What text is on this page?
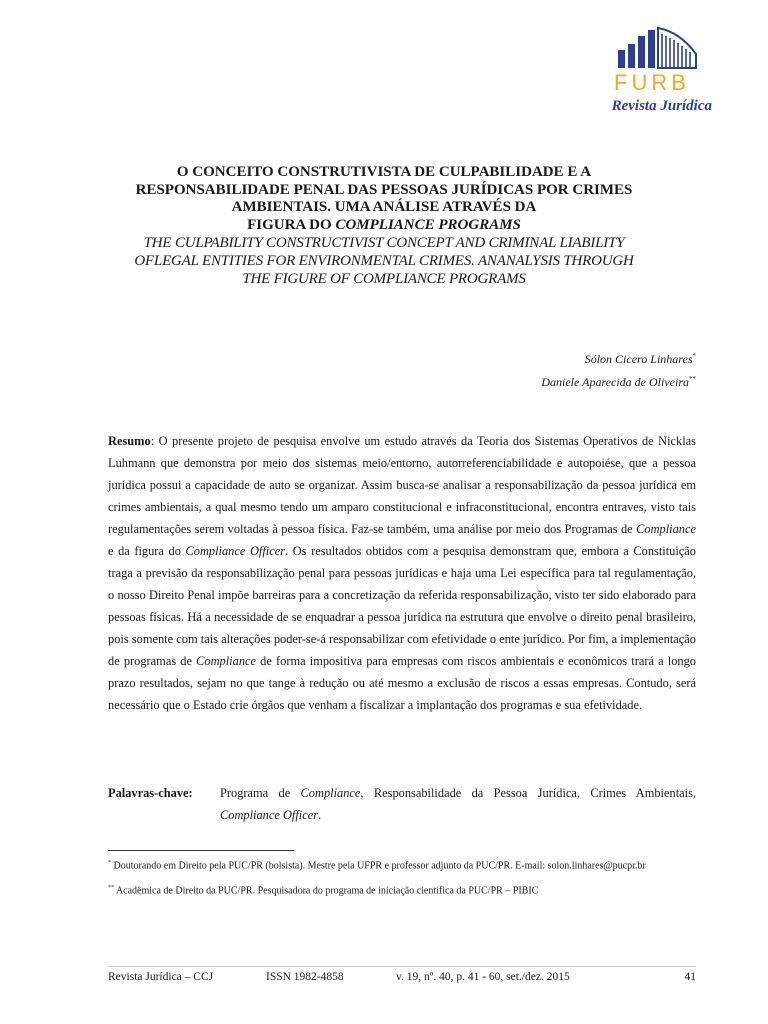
FURB
Revista Jurídica

O CONCEITO CONSTRUTIVISTA DE CULPABILIDADE E A

RESPONSABILIDADE PENAL DAS PESSOAS JURÍDICAS POR CRIMES

AMBIENTAIS. UMA ANÁLISE ATRAVÉS DA

FIGURA DO COMPLIANCE PROGRAMS

THE CULPABILITY CONSTRUCTIVIST CONCEPT AND CRIMINAL LIABILITY

OFLEGAL ENTITIES FOR ENVIRONMENTAL CRIMES. ANANALYSIS THROUGH

THE FIGURE OF COMPLIANCE PROGRAMS

Sólon Cicero Linhares*
Daniele Aparecida de Oliveira**

Resumo: O presente projeto de pesquisa envolve um estudo através da Teoria dos Sistemas Operativos de Nicklas Luhmann que demonstra por meio dos sistemas meio/entorno, autorreferenciabilidade e autopoiése, que a pessoa jurídica possui a capacidade de auto se organizar. Assim busca-se analisar a responsabilização da pessoa jurídica em crimes ambientais, a qual mesmo tendo um amparo constitucional e infraconstitucional, encontra entraves, visto tais regulamentações serem voltadas à pessoa física. Faz-se também, uma análise por meio dos Programas de Compliance e da figura do Compliance Officer. Os resultados obtidos com a pesquisa demonstram que, embora a Constituição traga a previsão da responsabilização penal para pessoas jurídicas e haja uma Lei específica para tal regulamentação, o nosso Direito Penal impõe barreiras para a concretização da referida responsabilização, visto ter sido elaborado para pessoas físicas. Há a necessidade de se enquadrar a pessoa jurídica na estrutura que envolve o direito penal brasileiro, pois somente com tais alterações poder-se-á responsabilizar com efetividade o ente jurídico. Por fim, a implementação de programas de Compliance de forma impositiva para empresas com riscos ambientais e econômicos trará a longo prazo resultados, sejam no que tange à redução ou até mesmo a exclusão de riscos a essas empresas. Contudo, será necessário que o Estado crie órgãos que venham a fiscalizar a implantação dos programas e sua efetividade.

Palavras-chave: Programa de Compliance, Responsabilidade da Pessoa Jurídica, Crimes Ambientais, Compliance Officer.

* Doutorando em Direito pela PUC/PR (bolsista). Mestre pela UFPR e professor adjunto da PUC/PR. E-mail: solon.linhares@pucpr.br

** Acadêmica de Direito da PUC/PR. Pesquisadora do programa de iniciação científica da PUC/PR – PIBIC

Revista Jurídica – CCJ	ISSN 1982-4858	v. 19, nº. 40, p. 41 - 60, set./dez. 2015	41
